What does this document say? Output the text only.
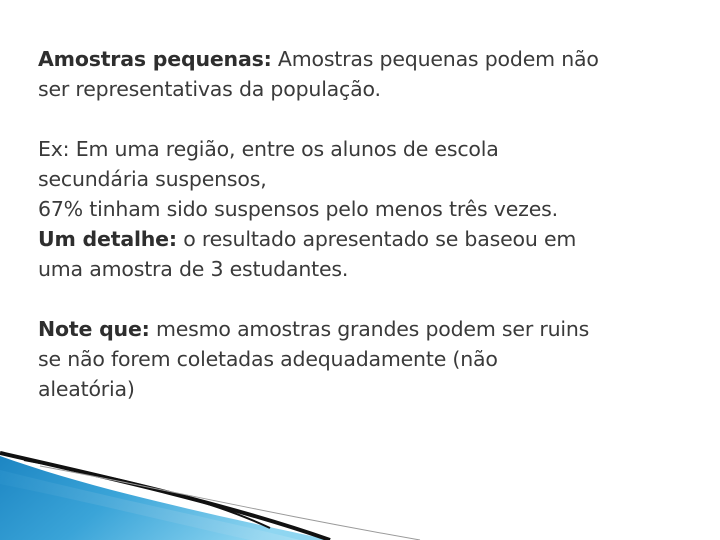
Amostras pequenas: Amostras pequenas podem não
ser representativas da população.

Ex: Em uma região, entre os alunos de escola
secundária suspensos,
67% tinham sido suspensos pelo menos três vezes.
Um detalhe: o resultado apresentado se baseou em
uma amostra de 3 estudantes.

Note que: mesmo amostras grandes podem ser ruins
se não forem coletadas adequadamente (não
aleatória)
